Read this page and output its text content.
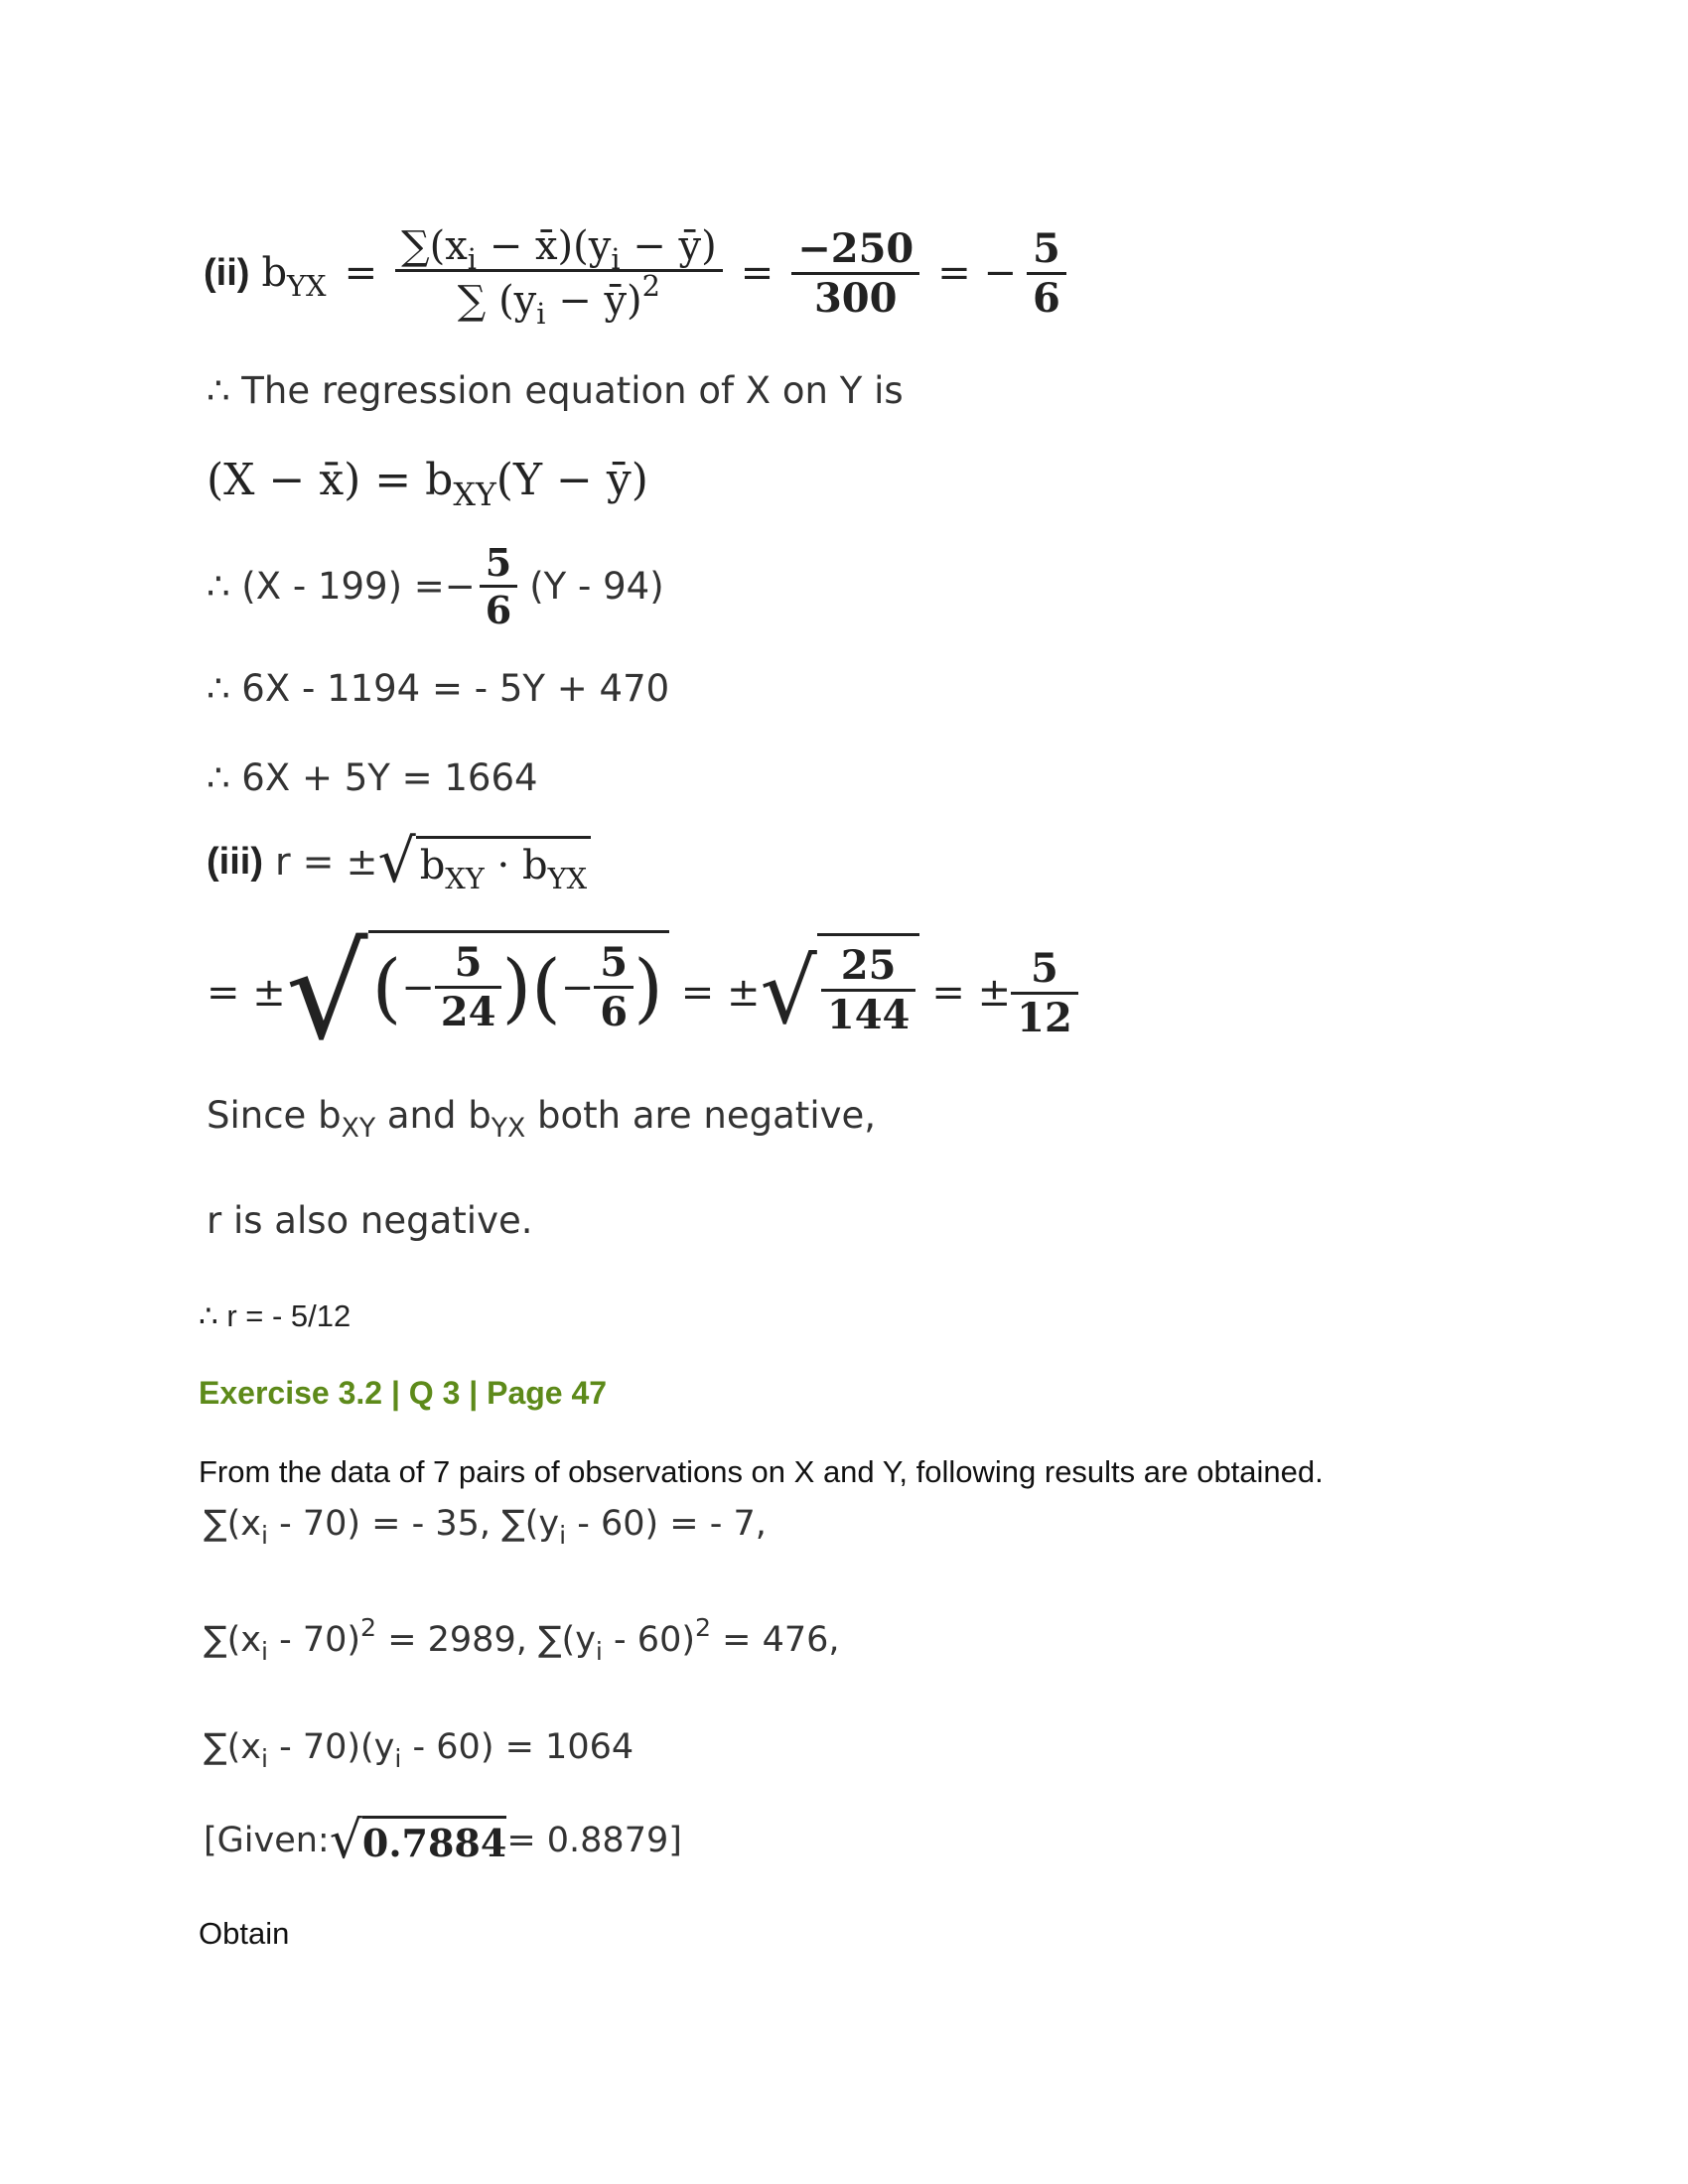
(ii) $b_{YX} = \frac{\sum(x_i - x̄)(y_i - ȳ)}{\sum (y_i - ȳ)^2} = \frac{-250}{300}$ = − $\frac{5}{6}$
∴ The regression equation of X on Y is
(X − x̄) = $b_{XY}(Y$ − ȳ)
∴ $(X - 199) =- \frac{5}{6} (Y - 94)$
∴ 6X - 1194 = - 5Y + 470
∴ 6X + 5Y = 1664
(iii) r = ± √ $b_{XY} \cdot b_{YX}$
= ± √ ( − $\frac{5}{24}$ ) ( − $\frac{5}{6}$ ) = ± √ $\frac{25}{144}$ = ± $\frac{5}{12}$
Since $b_{XY}$ and $b_{YX}$ both are negative,
r is also negative.
∴ r = - 5/12
Exercise 3.2 | Q 3 | Page 47
From the data of 7 pairs of observations on X and Y, following results are obtained.
$\sum(x_i - 70)$ = - 35, $\sum(y_i - 60)$ = - 7,
$\sum(x_i - 70)^2 = 2989$, $\sum(y_i - 60)^2 = 476$,
$\sum(x_i - 70)(y_i - 60) = 1064$
[Given: √ 0.7884 = 0.8879]
Obtain
